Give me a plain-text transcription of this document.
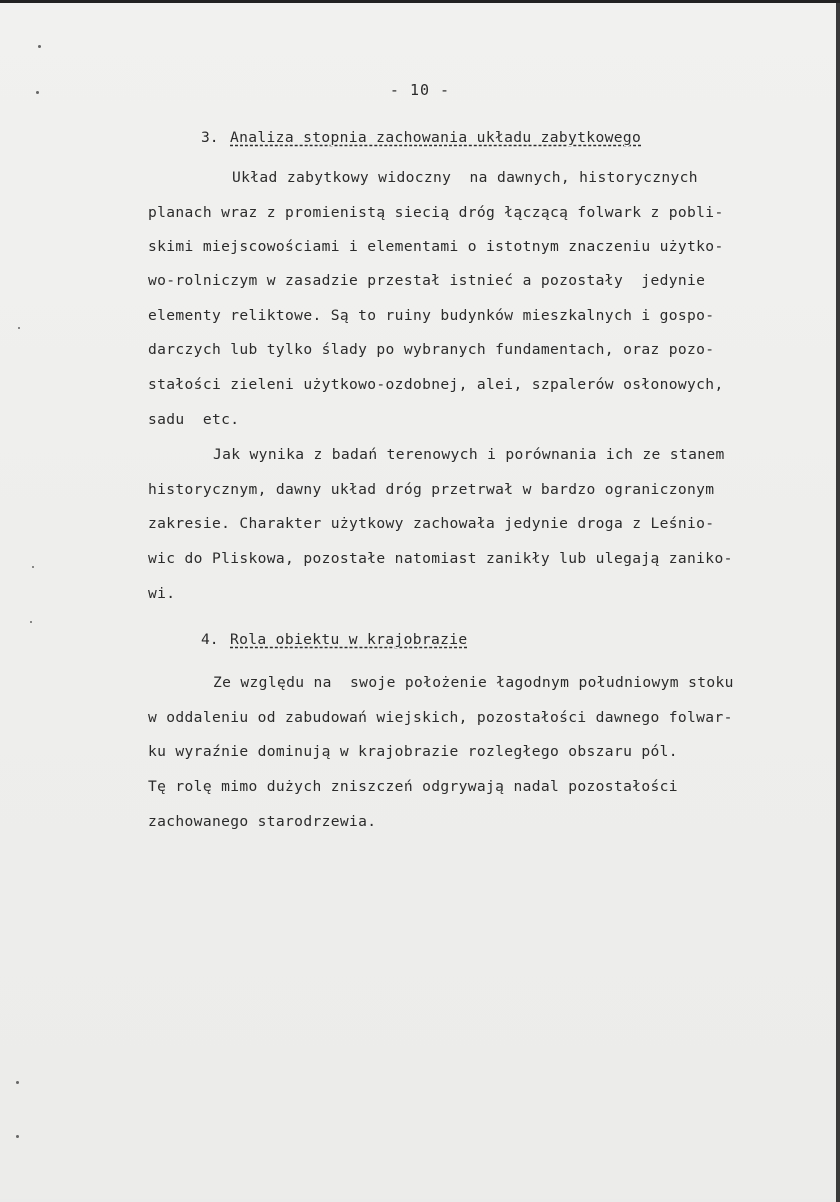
- 10 -
3. Analiza stopnia zachowania układu zabytkowego
Układ zabytkowy widoczny  na dawnych, historycznych
planach wraz z promienistą siecią dróg łączącą folwark z pobli-
skimi miejscowościami i elementami o istotnym znaczeniu użytko-
wo-rolniczym w zasadzie przestał istnieć a pozostały  jedynie
elementy reliktowe. Są to ruiny budynków mieszkalnych i gospo-
darczych lub tylko ślady po wybranych fundamentach, oraz pozo-
stałości zieleni użytkowo-ozdobnej, alei, szpalerów osłonowych,
sadu  etc.
Jak wynika z badań terenowych i porównania ich ze stanem
historycznym, dawny układ dróg przetrwał w bardzo ograniczonym
zakresie. Charakter użytkowy zachowała jedynie droga z Leśnio-
wic do Pliskowa, pozostałe natomiast zanikły lub ulegają zaniko-
wi.
4. Rola obiektu w krajobrazie
Ze względu na  swoje położenie łagodnym południowym stoku
w oddaleniu od zabudowań wiejskich, pozostałości dawnego folwar-
ku wyraźnie dominują w krajobrazie rozległego obszaru pól.
Tę rolę mimo dużych zniszczeń odgrywają nadal pozostałości
zachowanego starodrzewia.
